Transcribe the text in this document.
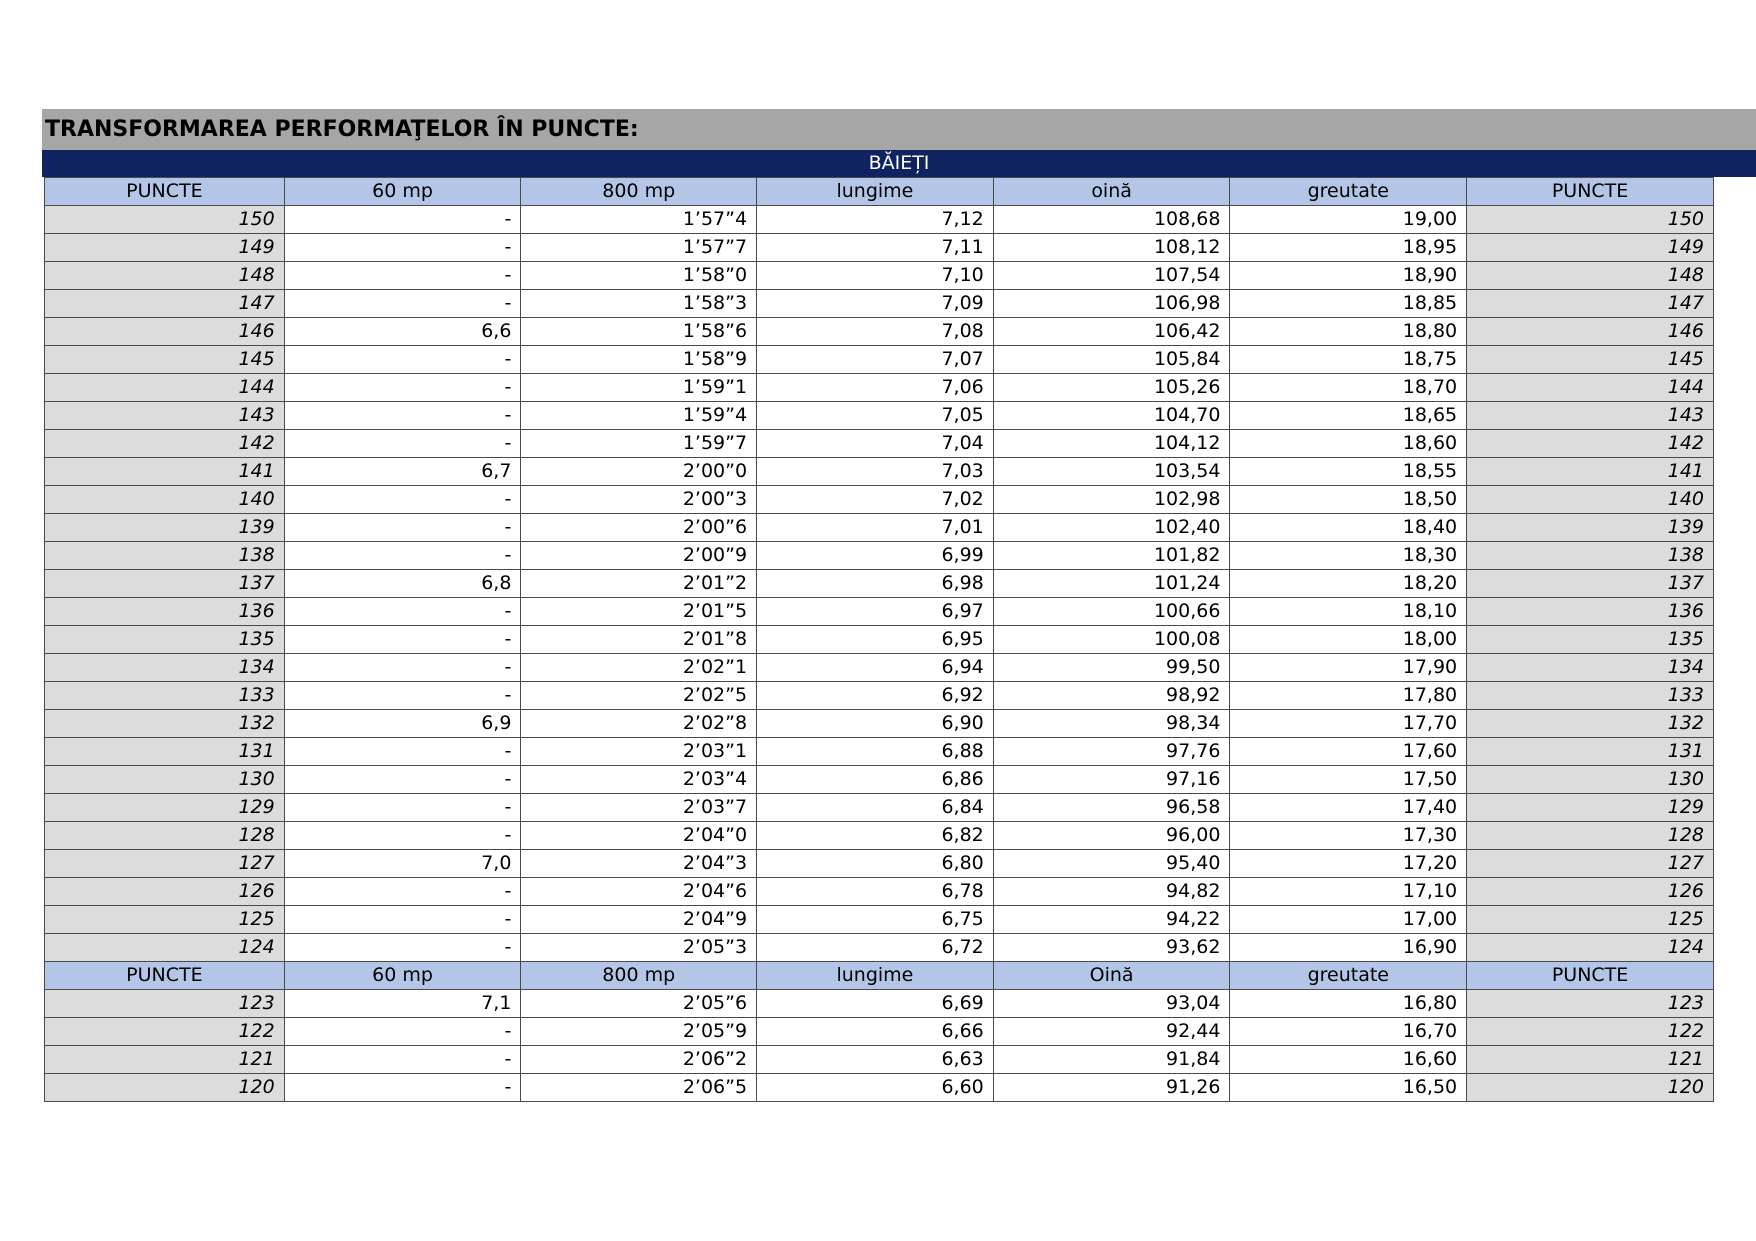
TRANSFORMAREA PERFORMAŢELOR ÎN PUNCTE:
BĂIEȚI
PUNCTE	60 mp	800 mp	lungime	oină	greutate	PUNCTE
150	-	1’57”4	7,12	108,68	19,00	150
149	-	1’57”7	7,11	108,12	18,95	149
148	-	1’58”0	7,10	107,54	18,90	148
147	-	1’58”3	7,09	106,98	18,85	147
146	6,6	1’58”6	7,08	106,42	18,80	146
145	-	1’58”9	7,07	105,84	18,75	145
144	-	1’59”1	7,06	105,26	18,70	144
143	-	1’59”4	7,05	104,70	18,65	143
142	-	1’59”7	7,04	104,12	18,60	142
141	6,7	2’00”0	7,03	103,54	18,55	141
140	-	2’00”3	7,02	102,98	18,50	140
139	-	2’00”6	7,01	102,40	18,40	139
138	-	2’00”9	6,99	101,82	18,30	138
137	6,8	2’01”2	6,98	101,24	18,20	137
136	-	2’01”5	6,97	100,66	18,10	136
135	-	2’01”8	6,95	100,08	18,00	135
134	-	2’02”1	6,94	99,50	17,90	134
133	-	2’02”5	6,92	98,92	17,80	133
132	6,9	2’02”8	6,90	98,34	17,70	132
131	-	2’03”1	6,88	97,76	17,60	131
130	-	2’03”4	6,86	97,16	17,50	130
129	-	2’03”7	6,84	96,58	17,40	129
128	-	2’04”0	6,82	96,00	17,30	128
127	7,0	2’04”3	6,80	95,40	17,20	127
126	-	2’04”6	6,78	94,82	17,10	126
125	-	2’04”9	6,75	94,22	17,00	125
124	-	2’05”3	6,72	93,62	16,90	124
PUNCTE	60 mp	800 mp	lungime	Oină	greutate	PUNCTE
123	7,1	2’05”6	6,69	93,04	16,80	123
122	-	2’05”9	6,66	92,44	16,70	122
121	-	2’06”2	6,63	91,84	16,60	121
120	-	2’06”5	6,60	91,26	16,50	120
